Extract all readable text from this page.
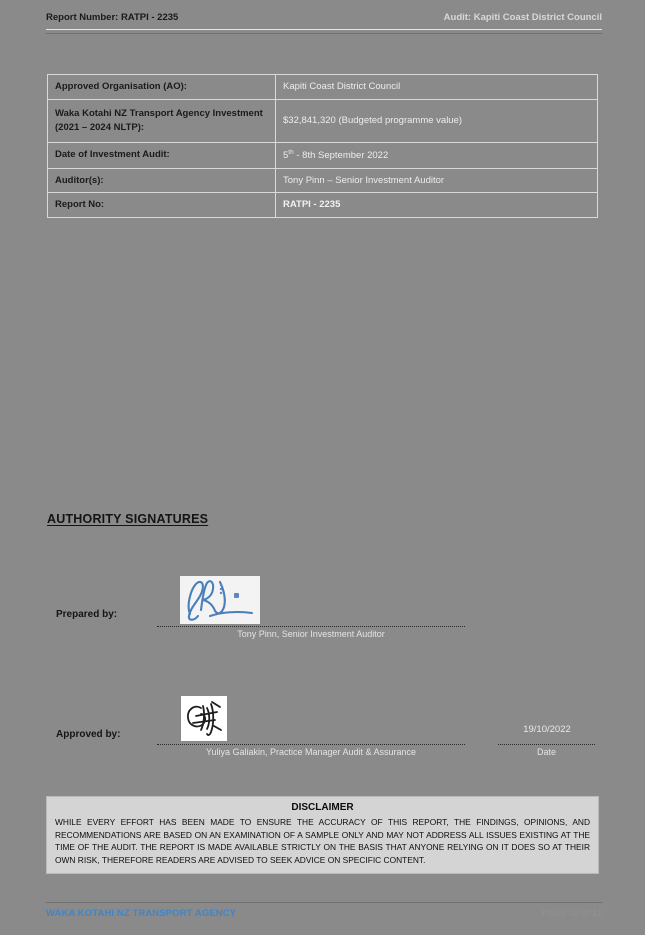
Report Number: RATPI - 2235	Audit: Kapiti Coast District Council
Approved Organisation (AO):	Kapiti Coast District Council
Waka Kotahi NZ Transport Agency Investment (2021 – 2024 NLTP):	$32,841,320 (Budgeted programme value)
Date of Investment Audit:	5th - 8th September 2022
Auditor(s):	Tony Pinn – Senior Investment Auditor
Report No:	RATPI - 2235
AUTHORITY SIGNATURES
Prepared by:
Tony Pinn, Senior Investment Auditor
Approved by:
Yuliya Galiakin, Practice Manager Audit & Assurance
19/10/2022
Date
DISCLAIMER
WHILE EVERY EFFORT HAS BEEN MADE TO ENSURE THE ACCURACY OF THIS REPORT, THE FINDINGS, OPINIONS, AND RECOMMENDATIONS ARE BASED ON AN EXAMINATION OF A SAMPLE ONLY AND MAY NOT ADDRESS ALL ISSUES EXISTING AT THE TIME OF THE AUDIT. THE REPORT IS MADE AVAILABLE STRICTLY ON THE BASIS THAT ANYONE RELYING ON IT DOES SO AT THEIR OWN RISK, THEREFORE READERS ARE ADVISED TO SEEK ADVICE ON SPECIFIC CONTENT.
WAKA KOTAHI NZ TRANSPORT AGENCY	PAGE 10 of 11
